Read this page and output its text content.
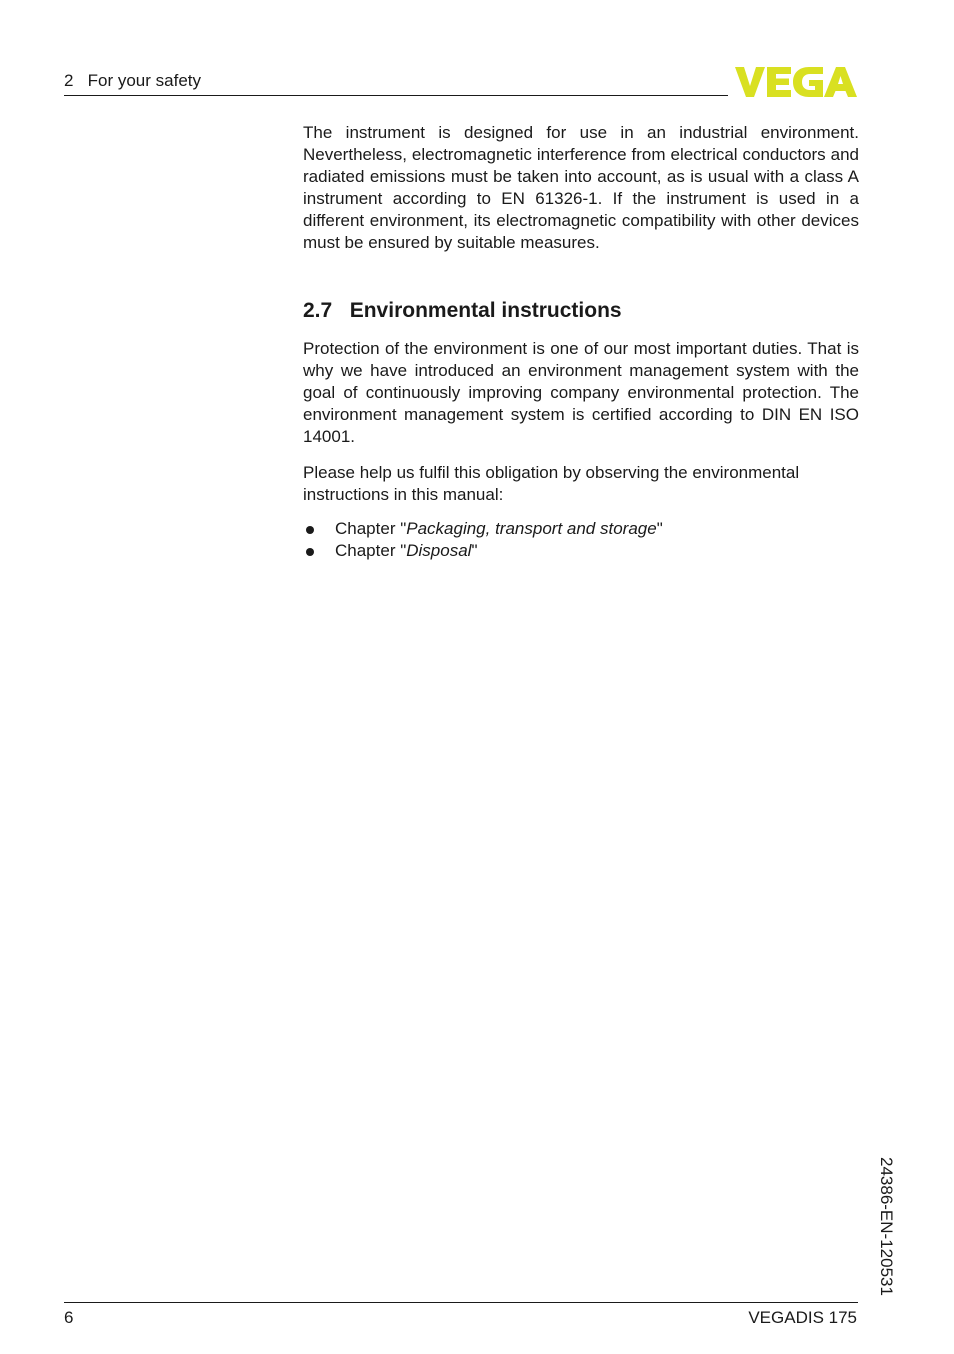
2   For your safety

The instrument is designed for use in an industrial environment. Nevertheless, electromagnetic interference from electrical conductors and radiated emissions must be taken into account, as is usual with a class A instrument according to EN 61326-1. If the instrument is used in a different environment, its electromagnetic compatibility with other devices must be ensured by suitable measures.

2.7 Environmental instructions

Protection of the environment is one of our most important duties. That is why we have introduced an environment management system with the goal of continuously improving company environmental protection. The environment management system is certified according to DIN EN ISO 14001.

Please help us fulfil this obligation by observing the environmental instructions in this manual:

Chapter "Packaging, transport and storage"
Chapter "Disposal"
24386-EN-120531
6	VEGADIS 175
